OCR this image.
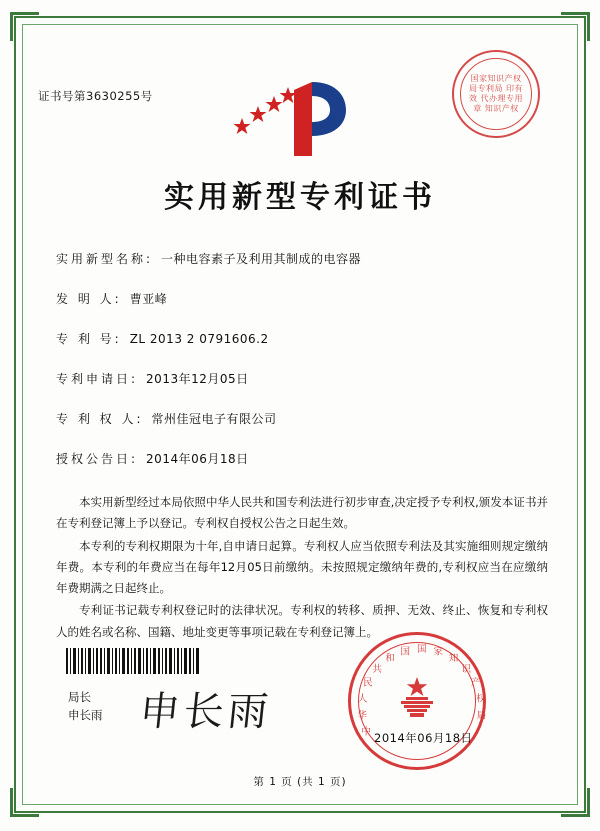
证书号第3630255号
国家知识产权局专利局 印有效 代办理专用章 知识产权
实用新型专利证书
实用新型名称: 一种电容素子及利用其制成的电容器
发 明 人: 曹亚峰
专 利 号: ZL 2013 2 0791606.2
专利申请日: 2013年12月05日
专 利 权 人: 常州佳冠电子有限公司
授权公告日: 2014年06月18日

本实用新型经过本局依照中华人民共和国专利法进行初步审查,决定授予专利权,颁发本证书并在专利登记簿上予以登记。专利权自授权公告之日起生效。

本专利的专利权期限为十年,自申请日起算。专利权人应当依照专利法及其实施细则规定缴纳年费。本专利的年费应当在每年12月05日前缴纳。未按照规定缴纳年费的,专利权应当在应缴纳年费期满之日起终止。

专利证书记载专利权登记时的法律状况。专利权的转移、质押、无效、终止、恢复和专利权人的姓名或名称、国籍、地址变更等事项记载在专利登记簿上。

局长
申长雨 申长雨	中
华
人
民
共
和
国 国 家
知
识
产
权
局
2014年06月18日
第 1 页 (共 1 页)
